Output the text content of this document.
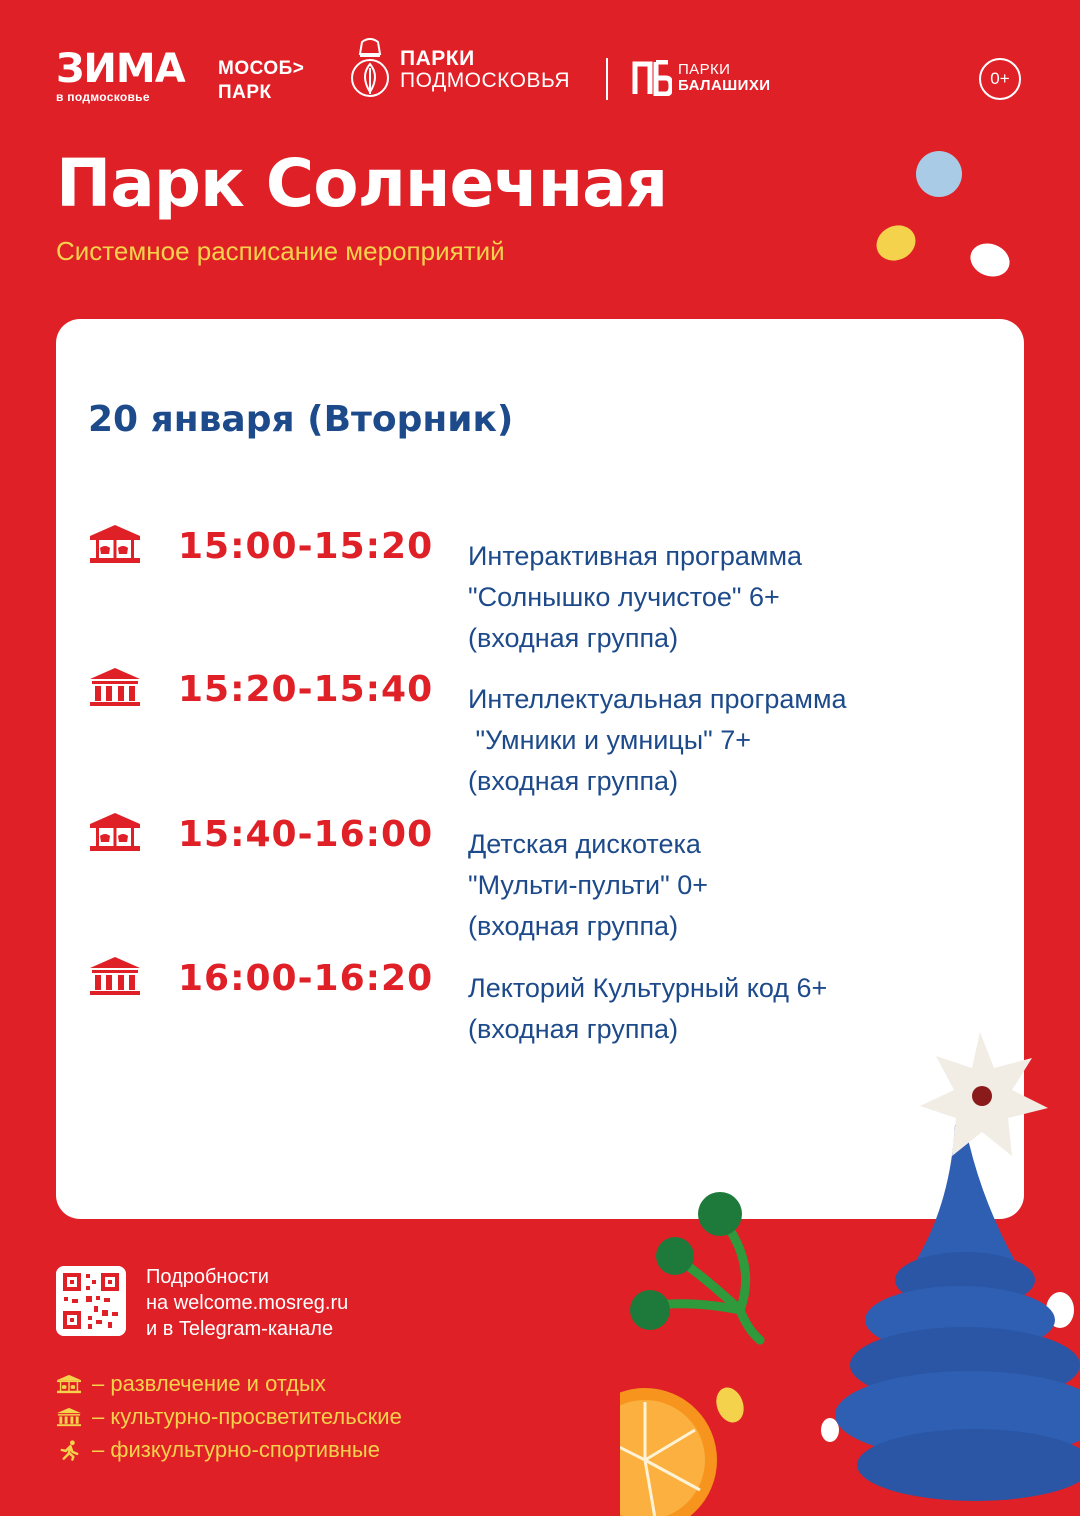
ЗИМА
в подмосковье
МОСОБ>
ПАРК
ПАРКИ
ПОДМОСКОВЬЯ	ПАРКИ
БАЛАШИХИ	0+
Парк Солнечная
Системное расписание мероприятий
20 января (Вторник)
15:00-15:20 Интерактивная программа
"Солнышко лучистое" 6+
(входная группа)
15:20-15:40 Интеллектуальная программа
"Умники и умницы" 7+
(входная группа)
15:40-16:00 Детская дискотека
"Мульти-пульти" 0+
(входная группа)
16:00-16:20 Лекторий Культурный код 6+
(входная группа)
Подробности
на welcome.mosreg.ru
и в Telegram-канале
– развлечение и отдых
– культурно-просветительские
– физкультурно-спортивные
